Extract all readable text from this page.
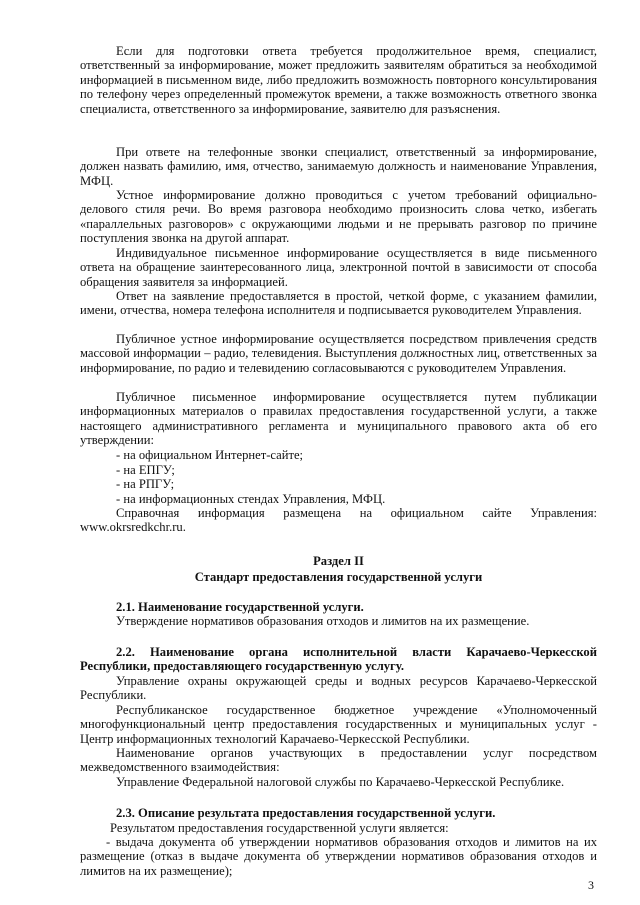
Если для подготовки ответа требуется продолжительное время, специалист, ответственный за информирование, может предложить заявителям обратиться за необходимой информацией в письменном виде, либо предложить возможность повторного консультирования по телефону через определенный промежуток времени, а также возможность ответного звонка специалиста, ответственного за информирование, заявителю для разъяснения.

При ответе на телефонные звонки специалист, ответственный за информирование, должен назвать фамилию, имя, отчество, занимаемую должность и наименование Управления, МФЦ.

Устное информирование должно проводиться с учетом требований официально-делового стиля речи. Во время разговора необходимо произносить слова четко, избегать «параллельных разговоров» с окружающими людьми и не прерывать разговор по причине поступления звонка на другой аппарат.

Индивидуальное письменное информирование осуществляется в виде письменного ответа на обращение заинтересованного лица, электронной почтой в зависимости от способа обращения заявителя за информацией.

Ответ на заявление предоставляется в простой, четкой форме, с указанием фамилии, имени, отчества, номера телефона исполнителя и подписывается руководителем Управления.

Публичное устное информирование осуществляется посредством привлечения средств массовой информации – радио, телевидения. Выступления должностных лиц, ответственных за информирование, по радио и телевидению согласовываются с руководителем Управления.

Публичное письменное информирование осуществляется путем публикации информационных материалов о правилах предоставления государственной услуги, а также настоящего административного регламента и муниципального правового акта об его утверждении:

- на официальном Интернет-сайте;

- на ЕПГУ;

- на РПГУ;

- на информационных стендах Управления, МФЦ.

Справочная информация размещена на официальном сайте Управления: www.okrsredkchr.ru.

Раздел II

Стандарт предоставления государственной услуги

2.1. Наименование государственной услуги.

Утверждение нормативов образования отходов и лимитов на их размещение.

2.2. Наименование органа исполнительной власти Карачаево-Черкесской Республики, предоставляющего государственную услугу.

Управление охраны окружающей среды и водных ресурсов Карачаево-Черкесской Республики.

Республиканское государственное бюджетное учреждение «Уполномоченный многофункциональный центр предоставления государственных и муниципальных услуг - Центр информационных технологий Карачаево-Черкесской Республики.

Наименование органов участвующих в предоставлении услуг посредством межведомственного взаимодействия:

Управление Федеральной налоговой службы по Карачаево-Черкесской Республике.

2.3. Описание результата предоставления государственной услуги.

Результатом предоставления государственной услуги является:

- выдача документа об утверждении нормативов образования отходов и лимитов на их размещение (отказ в выдаче документа об утверждении нормативов образования отходов и лимитов на их размещение);

3
